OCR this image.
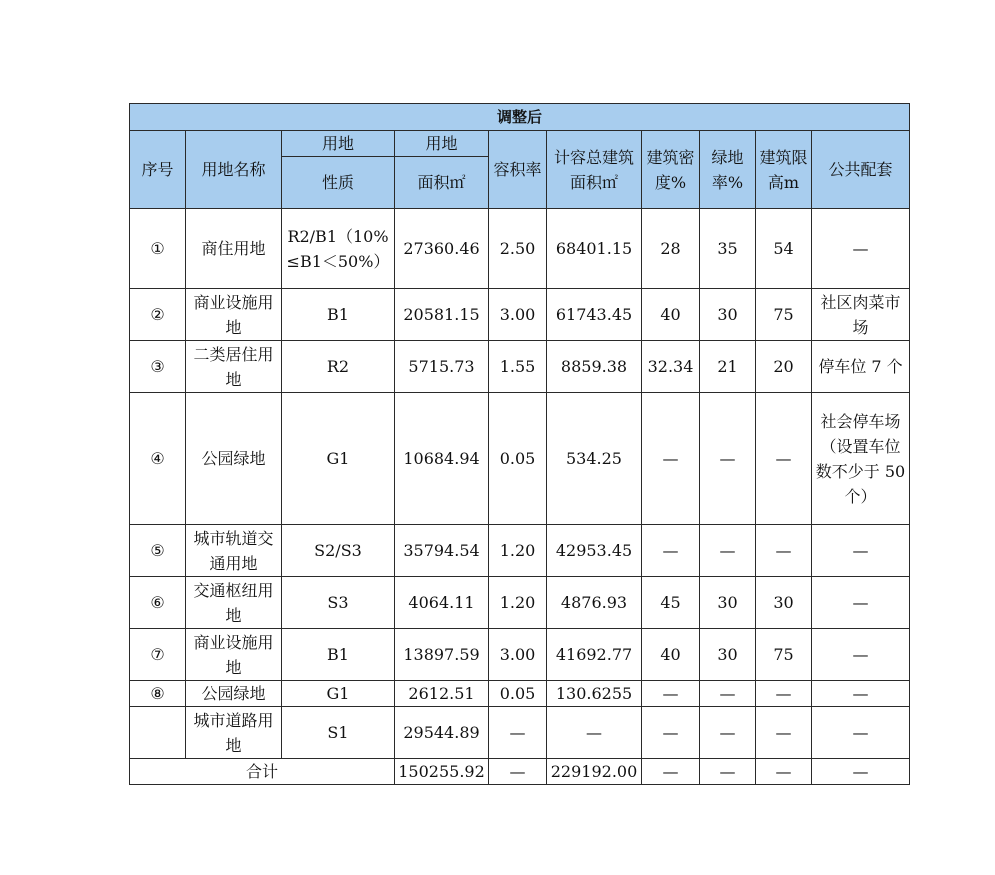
调整后									
序号	用地名称	用地	用地	容积率	计容总建筑面积㎡	建筑密度%	绿地率%	建筑限高m	公共配套
		性质	面积㎡						
①	商住用地	R2/B1（10%≤B1＜50%）	27360.46	2.50	68401.15	28	35	54	—
②	商业设施用地	B1	20581.15	3.00	61743.45	40	30	75	社区肉菜市场
③	二类居住用地	R2	5715.73	1.55	8859.38	32.34	21	20	停车位 7 个
④	公园绿地	G1	10684.94	0.05	534.25	—	—	—	社会停车场（设置车位数不少于 50 个）
⑤	城市轨道交通用地	S2/S3	35794.54	1.20	42953.45	—	—	—	—
⑥	交通枢纽用地	S3	4064.11	1.20	4876.93	45	30	30	—
⑦	商业设施用地	B1	13897.59	3.00	41692.77	40	30	75	—
⑧	公园绿地	G1	2612.51	0.05	130.6255	—	—	—	—
	城市道路用地	S1	29544.89	—	—	—	—	—	—
合计			150255.92	—	229192.00	—	—	—	—
